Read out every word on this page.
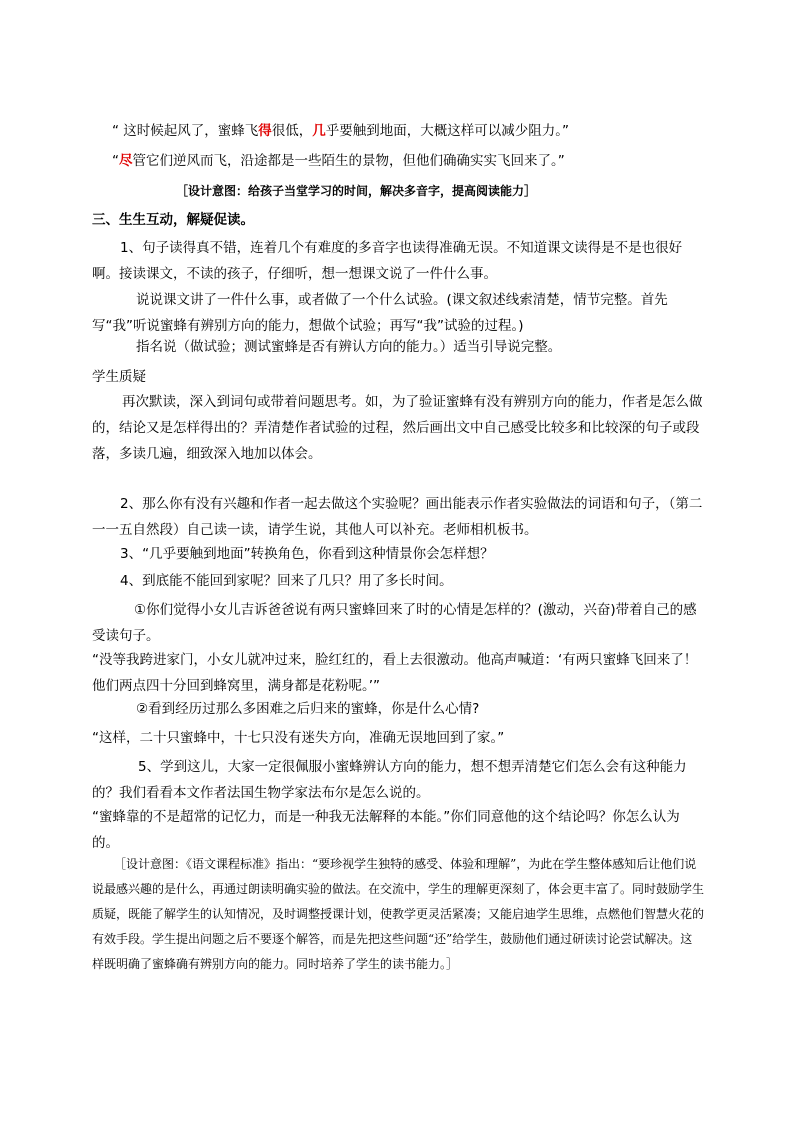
“ 这时候起风了，蜜蜂飞得很低，几乎要触到地面，大概这样可以减少阻力。”
“尽管它们逆风而飞，沿途都是一些陌生的景物，但他们确确实实飞回来了。”
［设计意图：给孩子当堂学习的时间，解决多音字，提高阅读能力］
三、生生互动，解疑促读。
1、句子读得真不错，连着几个有难度的多音字也读得准确无误。不知道课文读得是不是也很好啊。接读课文，不读的孩子，仔细听，想一想课文说了一件什么事。
说说课文讲了一件什么事，或者做了一个什么试验。(课文叙述线索清楚，情节完整。首先写“我”听说蜜蜂有辨别方向的能力，想做个试验；再写“我”试验的过程。)
指名说（做试验；测试蜜蜂是否有辨认方向的能力。）适当引导说完整。
学生质疑
再次默读，深入到词句或带着问题思考。如，为了验证蜜蜂有没有辨别方向的能力，作者是怎么做的，结论又是怎样得出的？弄清楚作者试验的过程，然后画出文中自己感受比较多和比较深的句子或段落，多读几遍，细致深入地加以体会。
2、那么你有没有兴趣和作者一起去做这个实验呢？画出能表示作者实验做法的词语和句子，（第二一一五自然段）自己读一读，请学生说，其他人可以补充。老师相机板书。
3、“几乎要触到地面”转换角色，你看到这种情景你会怎样想？
4、到底能不能回到家呢？回来了几只？用了多长时间。
①你们觉得小女儿吉诉爸爸说有两只蜜蜂回来了时的心情是怎样的？(激动，兴奋)带着自己的感受读句子。
“没等我跨进家门，小女儿就冲过来，脸红红的，看上去很激动。他高声喊道：‘有两只蜜蜂飞回来了！他们两点四十分回到蜂窝里，满身都是花粉呢。’”
②看到经历过那么多困难之后归来的蜜蜂，你是什么心情?
“这样，二十只蜜蜂中，十七只没有迷失方向，准确无误地回到了家。”
5、学到这儿，大家一定很佩服小蜜蜂辨认方向的能力，想不想弄清楚它们怎么会有这种能力的？我们看看本文作者法国生物学家法布尔是怎么说的。
“蜜蜂靠的不是超常的记忆力，而是一种我无法解释的本能。”你们同意他的这个结论吗？你怎么认为的。
［设计意图：《语文课程标准》指出：“要珍视学生独特的感受、体验和理解”，为此在学生整体感知后让他们说说最感兴趣的是什么，再通过朗读明确实验的做法。在交流中，学生的理解更深刻了，体会更丰富了。同时鼓励学生质疑，既能了解学生的认知情况，及时调整授课计划，使教学更灵活紧凑；又能启迪学生思维，点燃他们智慧火花的有效手段。学生提出问题之后不要逐个解答，而是先把这些问题“还”给学生，鼓励他们通过研读讨论尝试解决。这样既明确了蜜蜂确有辨别方向的能力。同时培养了学生的读书能力。］
